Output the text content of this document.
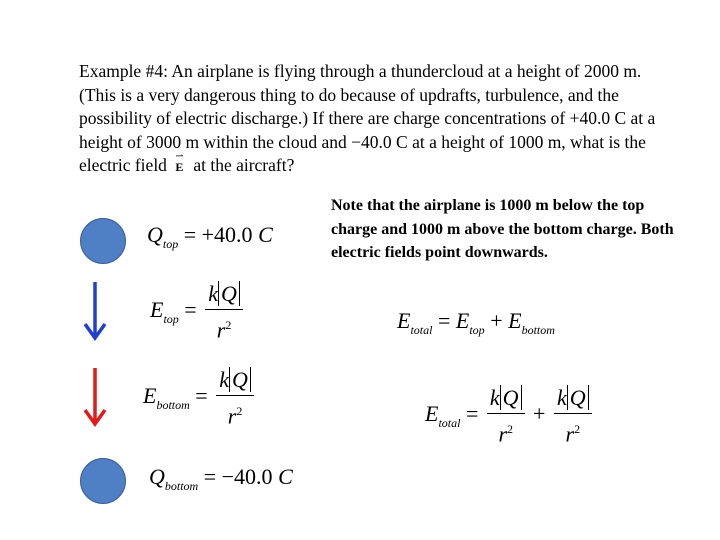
Example #4: An airplane is flying through a thundercloud at a height of 2000 m. (This is a very dangerous thing to do because of updrafts, turbulence, and the possibility of electric discharge.) If there are charge concentrations of +40.0 C at a height of 3000 m within the cloud and −40.0 C at a height of 1000 m, what is the electric field ⇀
E at the aircraft?

Note that the airplane is 1000 m below the top charge and 1000 m above the bottom charge. Both electric fields point downwards.

$Q_{top} = +40.0$ C
$E_{top} = \frac{\text{k Q}}{r^2}$
$E_{bottom} = \frac{\text{k Q}}{r^2}$
$Q_{bottom} = -40.0$ C
$E_{total} = E_{top} + E_{bottom}$
$E_{total} = \frac{\text{k Q}}{r^2} + \frac{\text{k Q}}{r^2}$
